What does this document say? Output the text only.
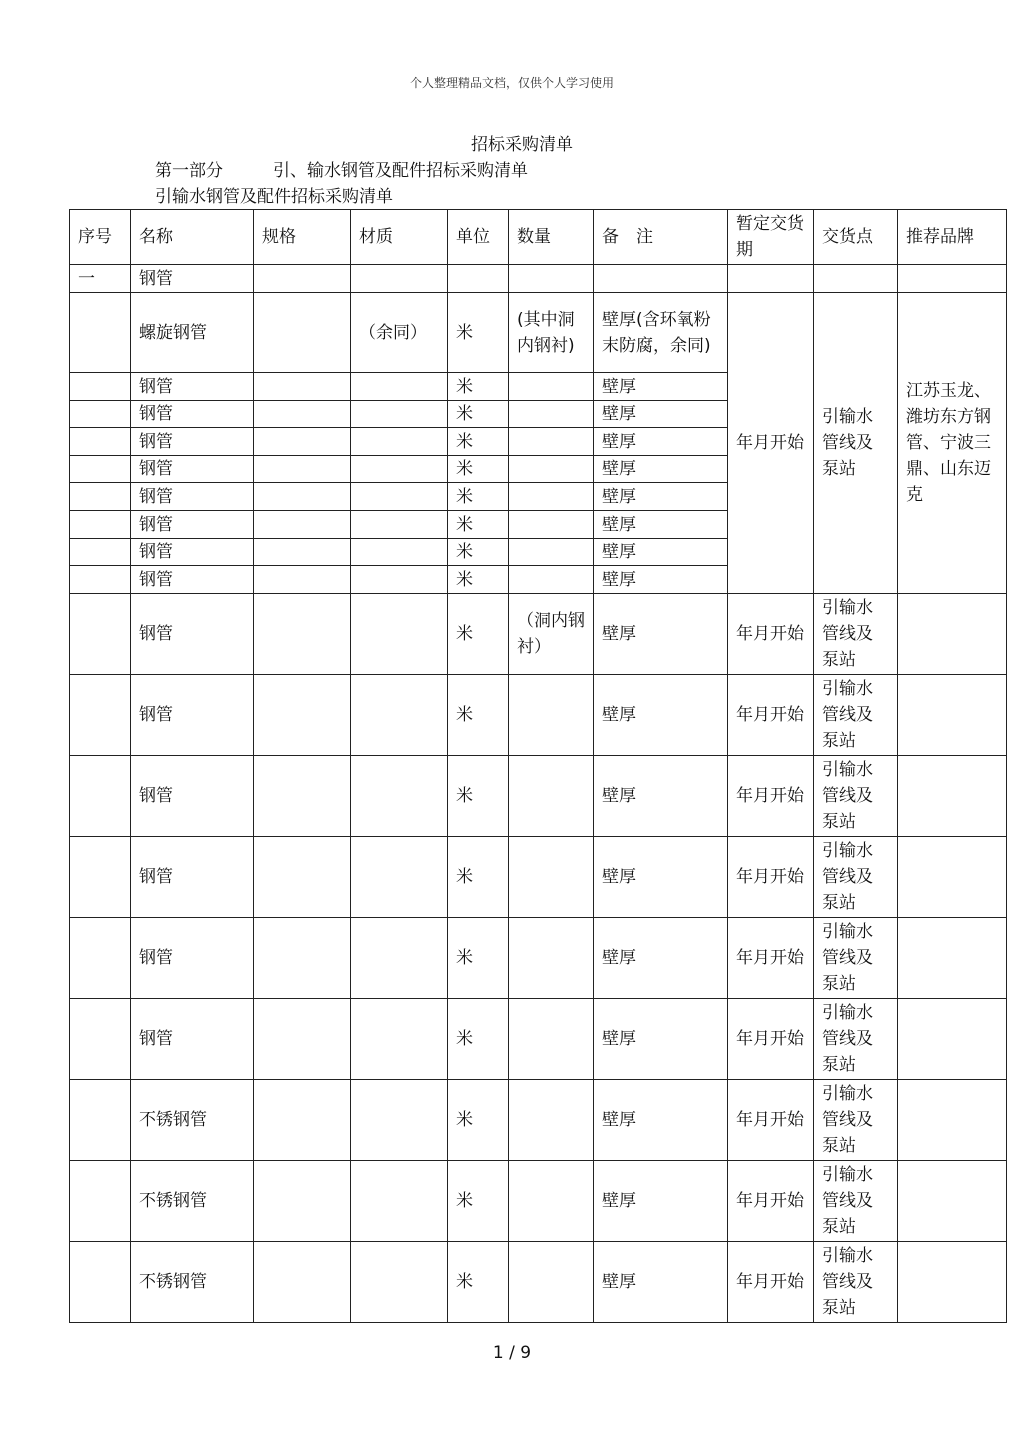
个人整理精品文档，仅供个人学习使用
招标采购清单
第一部分	引、输水钢管及配件招标采购清单
引输水钢管及配件招标采购清单
序号	名称	规格	材质	单位	数量	备　注	暂定交货期	交货点	推荐品牌
一	钢管								
	螺旋钢管		（余同）	米	(其中洞内钢衬)	壁厚(含环氧粉末防腐，余同)	年月开始	引输水管线及泵站	江苏玉龙、潍坊东方钢管、宁波三鼎、山东迈克
	钢管			米		壁厚			
	钢管			米		壁厚			
	钢管			米		壁厚			
	钢管			米		壁厚			
	钢管			米		壁厚			
	钢管			米		壁厚			
	钢管			米		壁厚			
	钢管			米		壁厚			
	钢管			米	（洞内钢衬）	壁厚	年月开始	引输水管线及泵站	
	钢管			米		壁厚	年月开始	引输水管线及泵站	
	钢管			米		壁厚	年月开始	引输水管线及泵站	
	钢管			米		壁厚	年月开始	引输水管线及泵站	
	钢管			米		壁厚	年月开始	引输水管线及泵站	
	钢管			米		壁厚	年月开始	引输水管线及泵站	
	不锈钢管			米		壁厚	年月开始	引输水管线及泵站	
	不锈钢管			米		壁厚	年月开始	引输水管线及泵站	
	不锈钢管			米		壁厚	年月开始	引输水管线及泵站	
1 / 9
